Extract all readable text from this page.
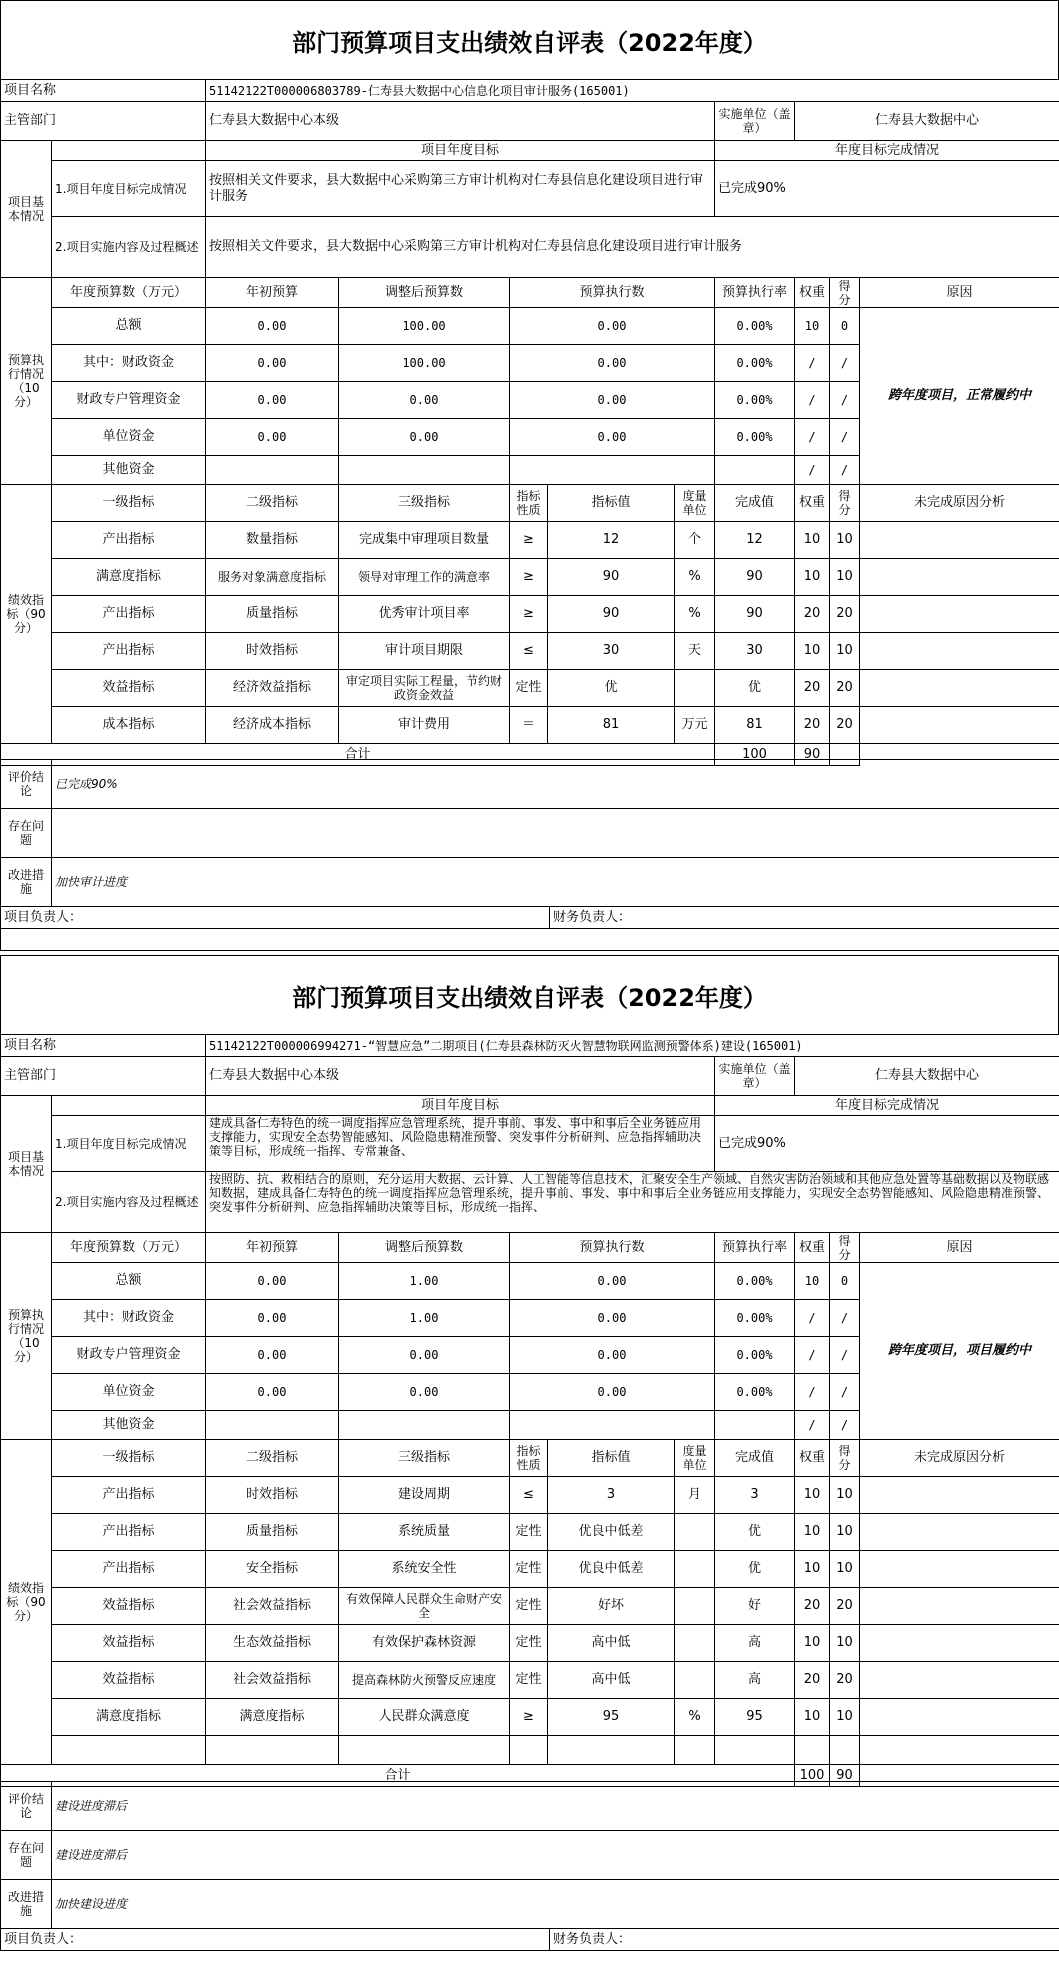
部门预算项目支出绩效自评表（2022年度）
项目名称	51142122T000006803789-仁寿县大数据中心信息化项目审计服务(165001)		
主管部门	仁寿县大数据中心本级	实施单位（盖章）	仁寿县大数据中心
项目基本情况		项目年度目标	年度目标完成情况
	1.项目年度目标完成情况	按照相关文件要求，县大数据中心采购第三方审计机构对仁寿县信息化建设项目进行审计服务	已完成90%
	2.项目实施内容及过程概述	按照相关文件要求，县大数据中心采购第三方审计机构对仁寿县信息化建设项目进行审计服务	
预算执行情况（10分）	年度预算数（万元）	年初预算	调整后预算数	预算执行数	预算执行率	权重	得分	原因
	总额	0.00	100.00	0.00	0.00%	10	0	跨年度项目，正常履约中
	其中：财政资金	0.00	100.00	0.00	0.00%	/	/	
	财政专户管理资金	0.00	0.00	0.00	0.00%	/	/	
	单位资金	0.00	0.00	0.00	0.00%	/	/	
	其他资金					/	/	
绩效指标（90分）	一级指标	二级指标	三级指标	指标性质	指标值	度量单位	完成值	权重	得分	未完成原因分析
	产出指标	数量指标	完成集中审理项目数量	≥	12	个	12	10	10	
	满意度指标	服务对象满意度指标	领导对审理工作的满意率	≥	90	%	90	10	10	
	产出指标	质量指标	优秀审计项目率	≥	90	%	90	20	20	
	产出指标	时效指标	审计项目期限	≤	30	天	30	10	10	
	效益指标	经济效益指标	审定项目实际工程量，节约财政资金效益	定性	优		优	20	20	
	成本指标	经济成本指标	审计费用	＝	81	万元	81	20	20	
合计							100	90		
评价结论	已完成90%	
存在问题		
改进措施	加快审计进度	
项目负责人：		财务负责人：

部门预算项目支出绩效自评表（2022年度）
项目名称	51142122T000006994271-“智慧应急”二期项目(仁寿县森林防灭火智慧物联网监测预警体系)建设(165001)		
主管部门	仁寿县大数据中心本级	实施单位（盖章）	仁寿县大数据中心
项目基本情况		项目年度目标	年度目标完成情况
	1.项目年度目标完成情况	建成具备仁寿特色的统一调度指挥应急管理系统，提升事前、事发、事中和事后全业务链应用支撑能力，实现安全态势智能感知、风险隐患精准预警、突发事件分析研判、应急指挥辅助决策等目标，形成统一指挥、专常兼备、	已完成90%
	2.项目实施内容及过程概述	按照防、抗、救相结合的原则，充分运用大数据、云计算、人工智能等信息技术，汇聚安全生产领域、自然灾害防治领域和其他应急处置等基础数据以及物联感知数据，建成具备仁寿特色的统一调度指挥应急管理系统，提升事前、事发、事中和事后全业务链应用支撑能力，实现安全态势智能感知、风险隐患精准预警、突发事件分析研判、应急指挥辅助决策等目标，形成统一指挥、	
预算执行情况（10分）	年度预算数（万元）	年初预算	调整后预算数	预算执行数	预算执行率	权重	得分	原因
	总额	0.00	1.00	0.00	0.00%	10	0	跨年度项目，项目履约中
	其中：财政资金	0.00	1.00	0.00	0.00%	/	/	
	财政专户管理资金	0.00	0.00	0.00	0.00%	/	/	
	单位资金	0.00	0.00	0.00	0.00%	/	/	
	其他资金					/	/	
绩效指标（90分）	一级指标	二级指标	三级指标	指标性质	指标值	度量单位	完成值	权重	得分	未完成原因分析
	产出指标	时效指标	建设周期	≤	3	月	3	10	10	
	产出指标	质量指标	系统质量	定性	优良中低差		优	10	10	
	产出指标	安全指标	系统安全性	定性	优良中低差		优	10	10	
	效益指标	社会效益指标	有效保障人民群众生命财产安全	定性	好坏		好	20	20	
	效益指标	生态效益指标	有效保护森林资源	定性	高中低		高	10	10	
	效益指标	社会效益指标	提高森林防火预警反应速度	定性	高中低		高	20	20	
	满意度指标	满意度指标	人民群众满意度	≥	95	%	95	10	10	

合计								100	90	
评价结论	建设进度滞后	
存在问题	建设进度滞后	
改进措施	加快建设进度	
项目负责人：		财务负责人：
